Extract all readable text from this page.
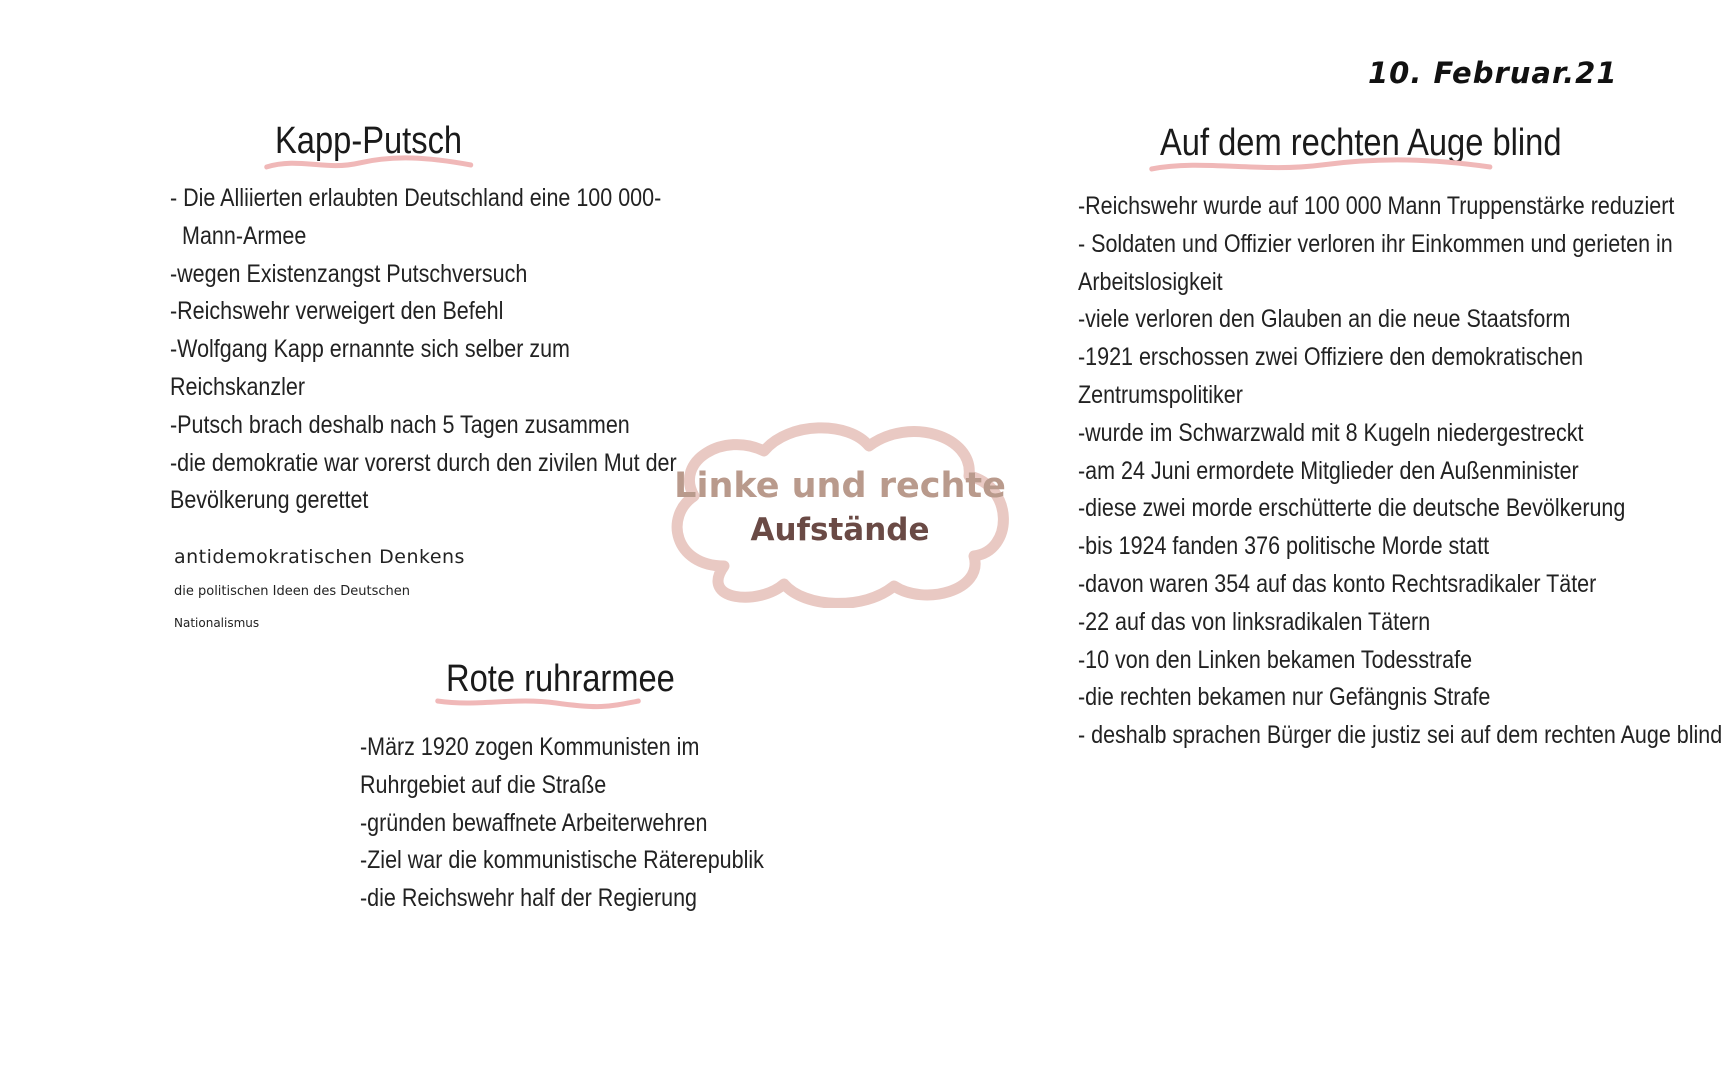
10. Februar.21
Kapp-Putsch
- Die Alliierten erlaubten Deutschland eine 100 000-
Mann-Armee
-wegen Existenzangst Putschversuch
-Reichswehr verweigert den Befehl
-Wolfgang Kapp ernannte sich selber zum
Reichskanzler
-Putsch brach deshalb nach 5 Tagen zusammen
-die demokratie war vorerst durch den zivilen Mut der
Bevölkerung gerettet
antidemokratischen Denkens
die politischen Ideen des Deutschen
Nationalismus
Linke und rechte
Aufstände
Rote ruhrarmee
-März 1920 zogen Kommunisten im
Ruhrgebiet auf die Straße
-gründen bewaffnete Arbeiterwehren
-Ziel war die kommunistische Räterepublik
-die Reichswehr half der Regierung
Auf dem rechten Auge blind
-Reichswehr wurde auf 100 000 Mann Truppenstärke reduziert
- Soldaten und Offizier verloren ihr Einkommen und gerieten in
Arbeitslosigkeit
-viele verloren den Glauben an die neue Staatsform
-1921 erschossen zwei Offiziere den demokratischen
Zentrumspolitiker
-wurde im Schwarzwald mit 8 Kugeln niedergestreckt
-am 24 Juni ermordete Mitglieder den Außenminister
-diese zwei morde erschütterte die deutsche Bevölkerung
-bis 1924 fanden 376 politische Morde statt
-davon waren 354 auf das konto Rechtsradikaler Täter
-22 auf das von linksradikalen Tätern
-10 von den Linken bekamen Todesstrafe
-die rechten bekamen nur Gefängnis Strafe
- deshalb sprachen Bürger die justiz sei auf dem rechten Auge blind
